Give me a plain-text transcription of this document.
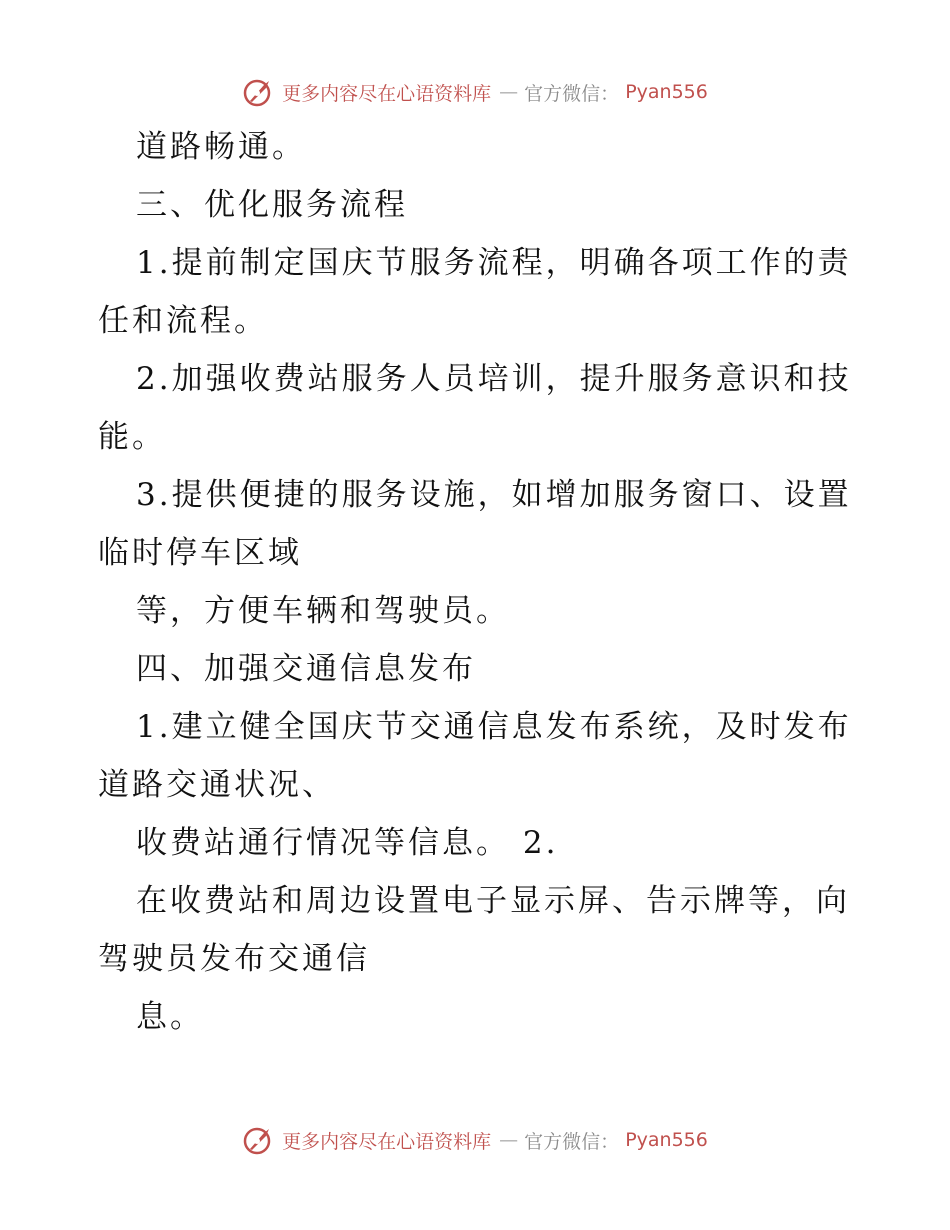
更多内容尽在心语资料库 — 官方微信： Pyan556
道路畅通。
三、优化服务流程
1.提前制定国庆节服务流程，明确各项工作的责
任和流程。
2.加强收费站服务人员培训，提升服务意识和技
能。
3.提供便捷的服务设施，如增加服务窗口、设置
临时停车区域
等，方便车辆和驾驶员。
四、加强交通信息发布
1.建立健全国庆节交通信息发布系统，及时发布
道路交通状况、
收费站通行情况等信息。 2.
在收费站和周边设置电子显示屏、告示牌等，向
驾驶员发布交通信
息。
更多内容尽在心语资料库 — 官方微信： Pyan556
